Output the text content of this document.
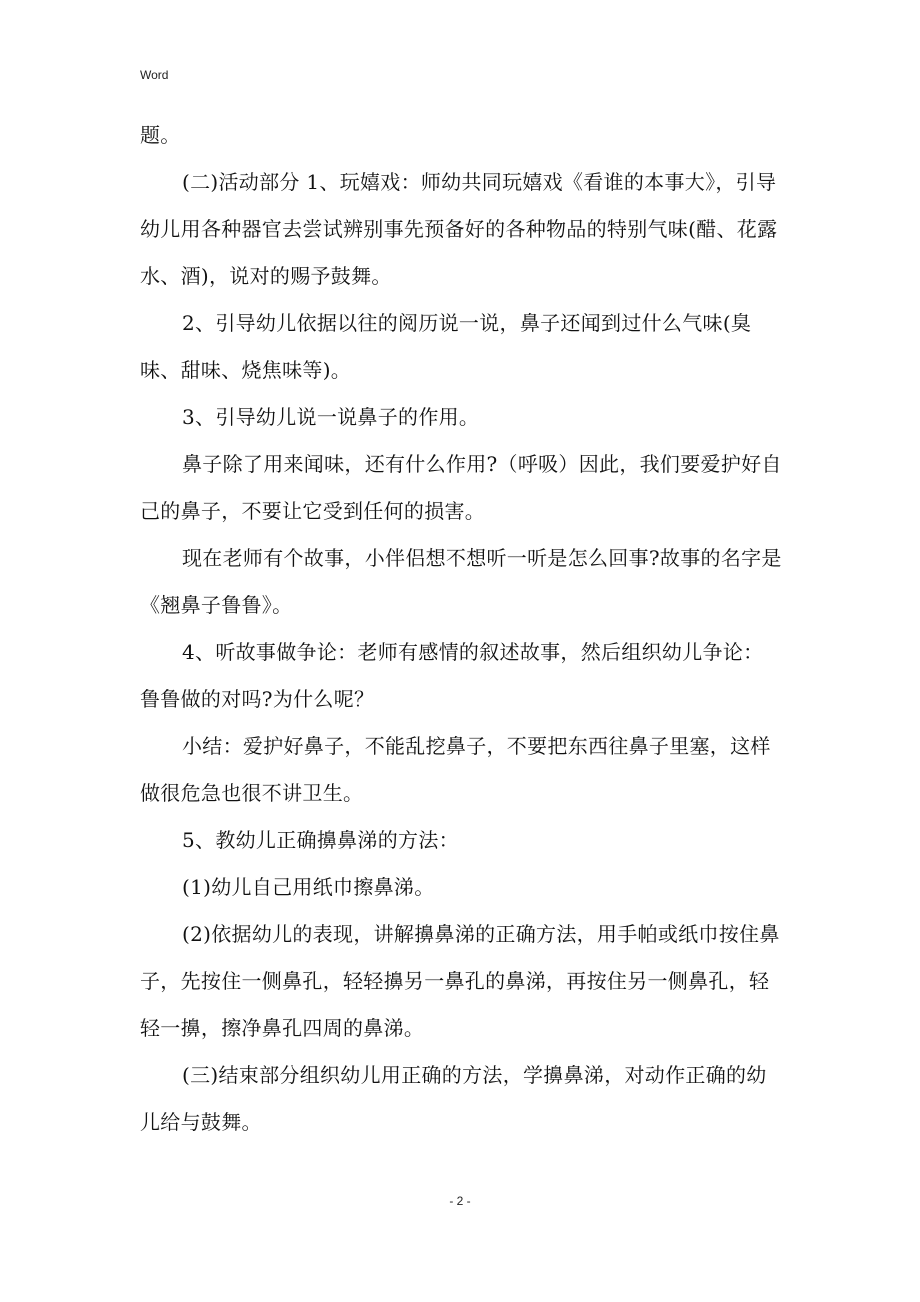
Word

题。

(二)活动部分 1、玩嬉戏：师幼共同玩嬉戏《看谁的本事大》，引导幼儿用各种器官去尝试辨别事先预备好的各种物品的特别气味(醋、花露水、酒)，说对的赐予鼓舞。

2、引导幼儿依据以往的阅历说一说，鼻子还闻到过什么气味(臭味、甜味、烧焦味等)。

3、引导幼儿说一说鼻子的作用。

鼻子除了用来闻味，还有什么作用?（呼吸）因此，我们要爱护好自己的鼻子，不要让它受到任何的损害。

现在老师有个故事，小伴侣想不想听一听是怎么回事?故事的名字是《翘鼻子鲁鲁》。

4、听故事做争论：老师有感情的叙述故事，然后组织幼儿争论：鲁鲁做的对吗?为什么呢？

小结：爱护好鼻子，不能乱挖鼻子，不要把东西往鼻子里塞，这样做很危急也很不讲卫生。

5、教幼儿正确擤鼻涕的方法：

(1)幼儿自己用纸巾擦鼻涕。

(2)依据幼儿的表现，讲解擤鼻涕的正确方法，用手帕或纸巾按住鼻子，先按住一侧鼻孔，轻轻擤另一鼻孔的鼻涕，再按住另一侧鼻孔，轻轻一擤，擦净鼻孔四周的鼻涕。

(三)结束部分组织幼儿用正确的方法，学擤鼻涕，对动作正确的幼儿给与鼓舞。

- 2 -
